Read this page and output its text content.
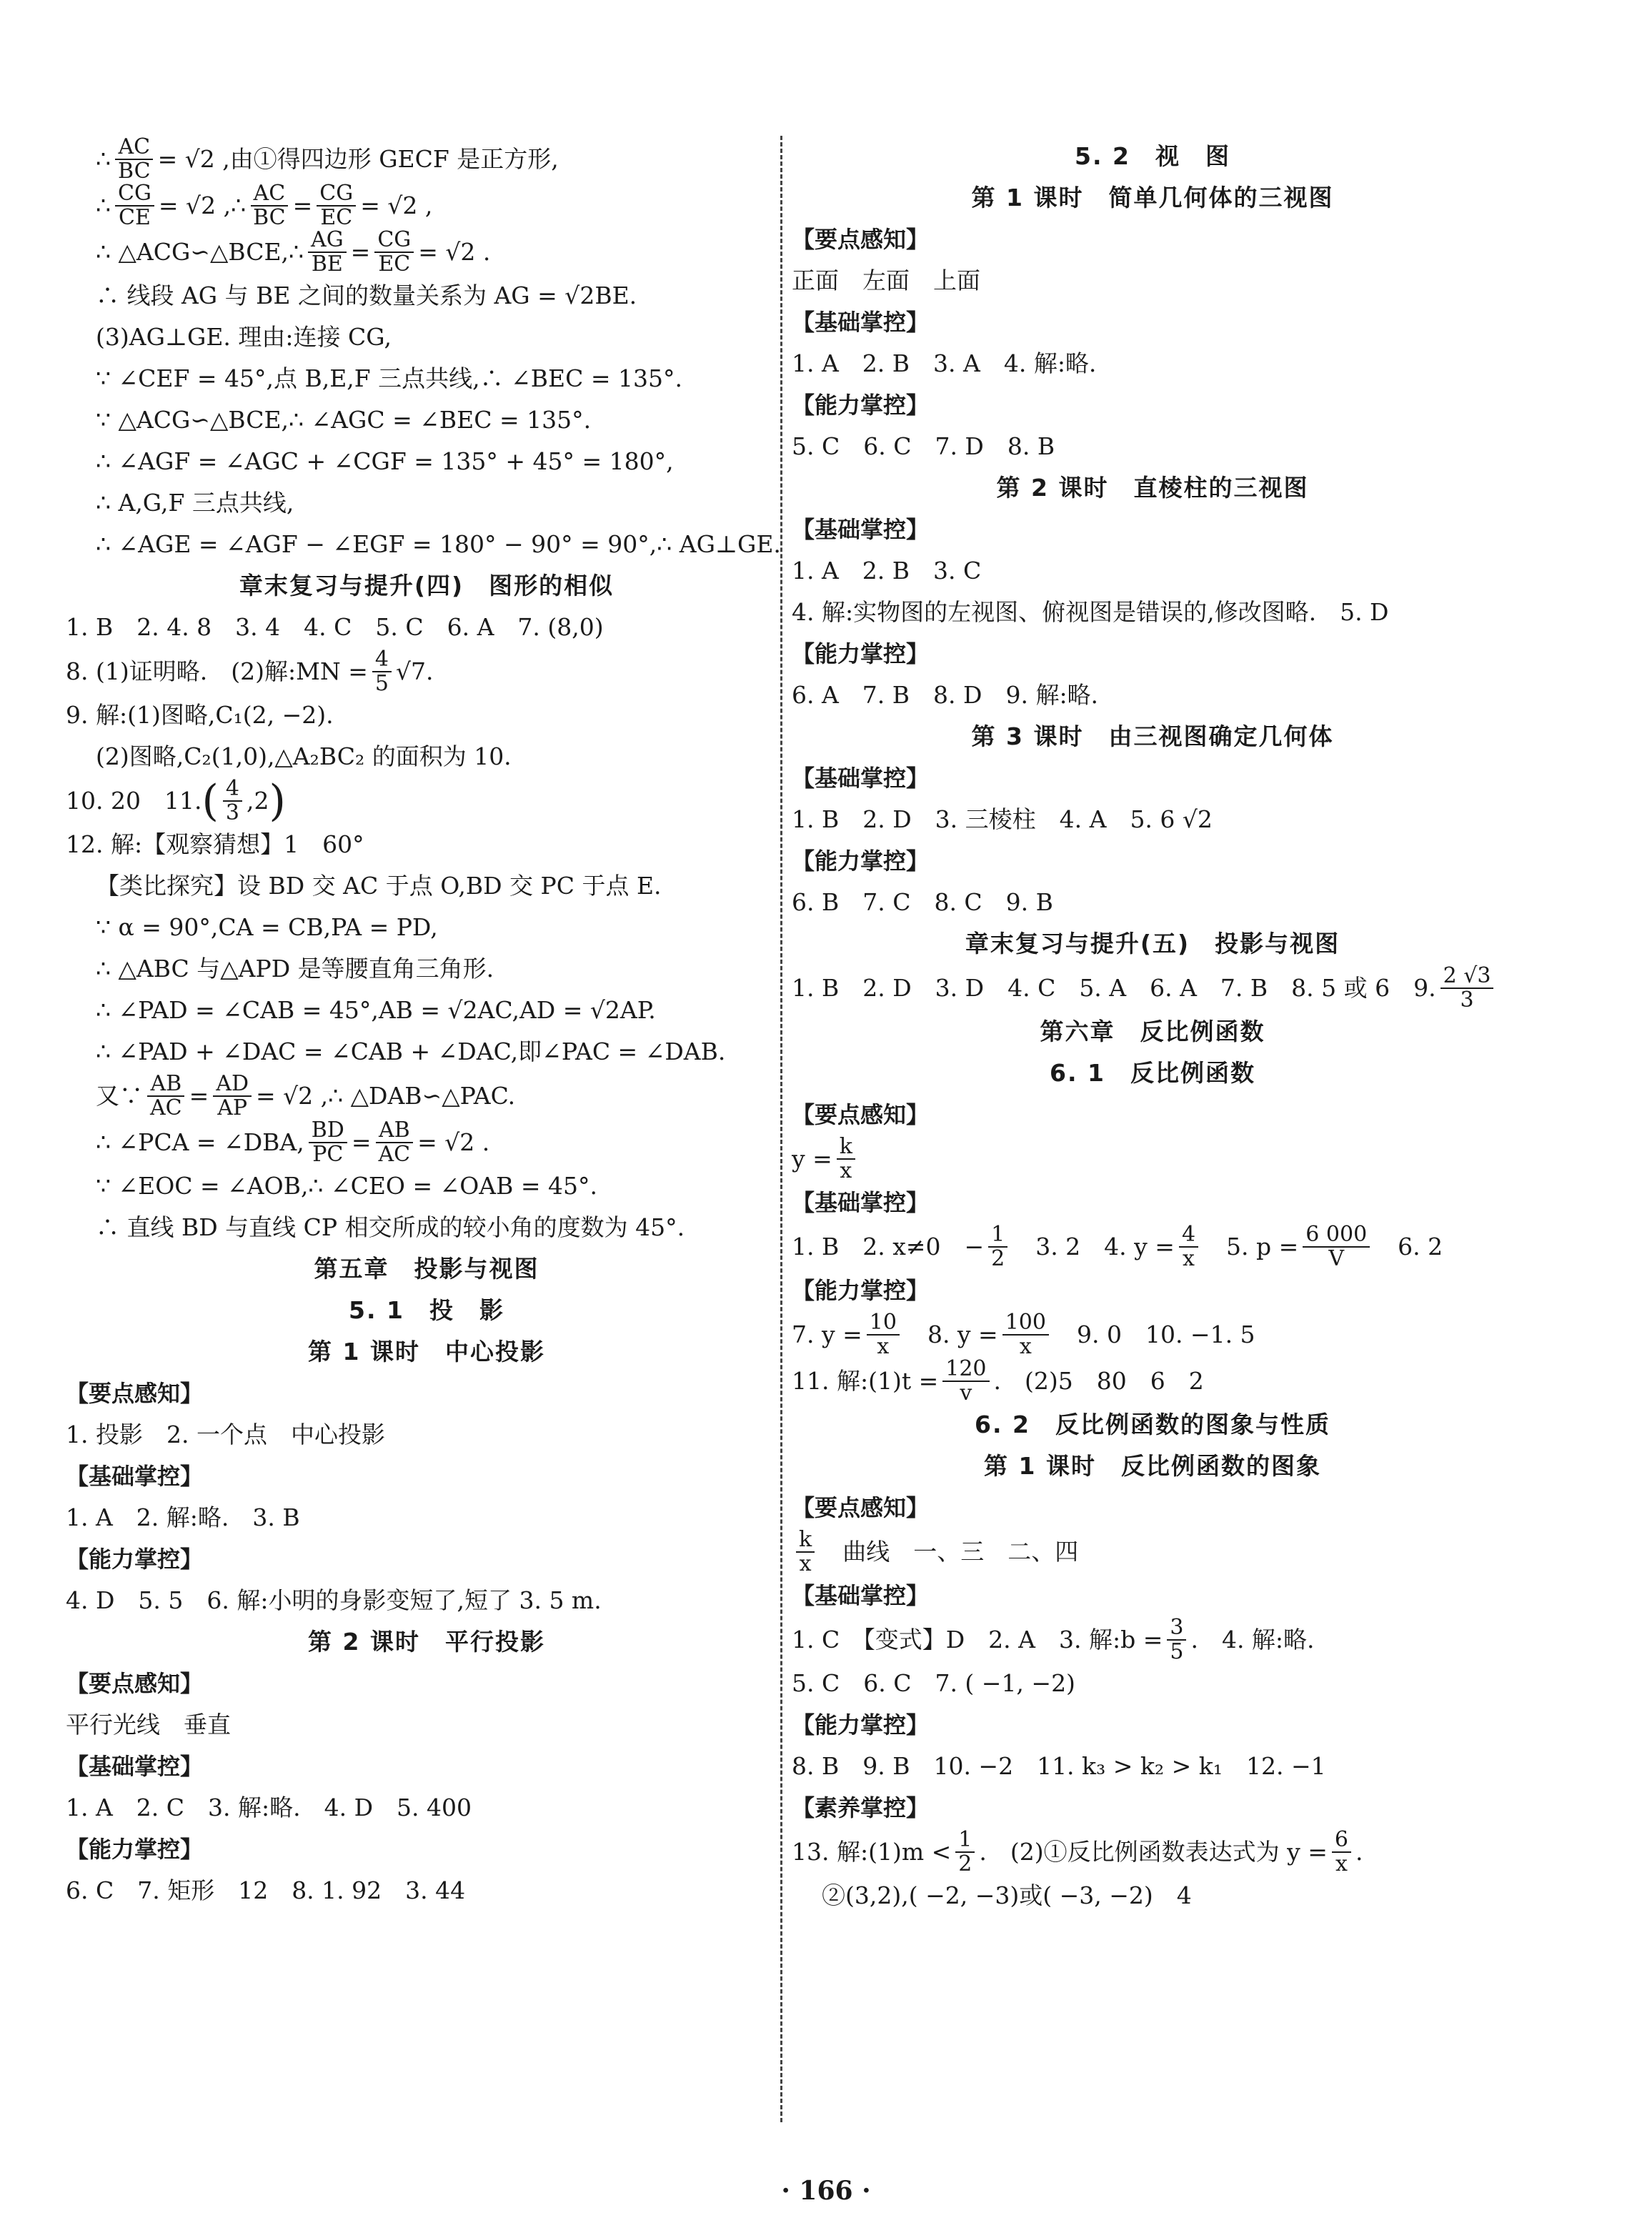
∴ $\frac{AC}{BC} = √2$ ,由①得四边形 GECF 是正方形,
∴ $\frac{CG}{CE} = √2$ ,∴ $\frac{AC}{BC} = \frac{CG}{EC} = √2$ ,
∴ △ACG∽△BCE,∴ $\frac{AG}{BE} = \frac{CG}{EC} = √2$ .
∴ 线段 AG 与 BE 之间的数量关系为 AG = √2BE.
(3)AG⊥GE. 理由:连接 CG,
∵ ∠CEF = 45°,点 B,E,F 三点共线,∴ ∠BEC = 135°.
∵ △ACG∽△BCE,∴ ∠AGC = ∠BEC = 135°.
∴ ∠AGF = ∠AGC + ∠CGF = 135° + 45° = 180°,
∴ A,G,F 三点共线,
∴ ∠AGE = ∠AGF − ∠EGF = 180° − 90° = 90°,∴ AG⊥GE.
章末复习与提升(四)　图形的相似
1. B　2. 4. 8　3. 4　4. C　5. C　6. A　7. (8,0)
8. (1)证明略.　(2)解:MN = $\frac{4}{5} √7$.
9. 解:(1)图略,C₁(2, −2).
(2)图略,C₂(1,0),△A₂BC₂ 的面积为 10.
10. 20　11. ( $\frac{4}{3} ,2$ )
12. 解:【观察猜想】1　60°
【类比探究】设 BD 交 AC 于点 O,BD 交 PC 于点 E.
∵ α = 90°,CA = CB,PA = PD,
∴ △ABC 与△APD 是等腰直角三角形.
∴ ∠PAD = ∠CAB = 45°,AB = √2AC,AD = √2AP.
∴ ∠PAD + ∠DAC = ∠CAB + ∠DAC,即∠PAC = ∠DAB.
又∵ $\frac{AB}{AC} = \frac{AD}{AP} = √2$ ,∴ △DAB∽△PAC.
∴ ∠PCA = ∠DBA, $\frac{BD}{PC} = \frac{AB}{AC} = √2$ .
∵ ∠EOC = ∠AOB,∴ ∠CEO = ∠OAB = 45°.
∴ 直线 BD 与直线 CP 相交所成的较小角的度数为 45°.
第五章　投影与视图
5. 1　投　影
第 1 课时　中心投影
【要点感知】
1. 投影　2. 一个点　中心投影
【基础掌控】
1. A　2. 解:略.　3. B
【能力掌控】
4. D　5. 5　6. 解:小明的身影变短了,短了 3. 5 m.
第 2 课时　平行投影
【要点感知】
平行光线　垂直
【基础掌控】
1. A　2. C　3. 解:略.　4. D　5. 400
【能力掌控】
6. C　7. 矩形　12　8. 1. 92　3. 44
5. 2　视　图
第 1 课时　简单几何体的三视图
【要点感知】
正面　左面　上面
【基础掌控】
1. A　2. B　3. A　4. 解:略.
【能力掌控】
5. C　6. C　7. D　8. B
第 2 课时　直棱柱的三视图
【基础掌控】
1. A　2. B　3. C
4. 解:实物图的左视图、俯视图是错误的,修改图略.　5. D
【能力掌控】
6. A　7. B　8. D　9. 解:略.
第 3 课时　由三视图确定几何体
【基础掌控】
1. B　2. D　3. 三棱柱　4. A　5. 6 √2
【能力掌控】
6. B　7. C　8. C　9. B
章末复习与提升(五)　投影与视图
1. B　2. D　3. D　4. C　5. A　6. A　7. B　8. 5 或 6　9. $\frac{2 √3}{3}$
第六章　反比例函数
6. 1　反比例函数
【要点感知】
$y = \frac{k}{x}$
【基础掌控】
1. B　2. x≠0　− $\frac{1}{2}$ 　3. 2　4. $y = \frac{4}{x}$ 　5. $p = \frac{6 000}{V}$ 　6. 2
【能力掌控】
7. $y = \frac{10}{x}$ 　8. $y = \frac{100}{x}$ 　9. 0　10. −1. 5
11. 解:(1)t = $\frac{120}{v}$ .　(2)5　80　6　2
6. 2　反比例函数的图象与性质
第 1 课时　反比例函数的图象
【要点感知】
$\frac{k}{x}$ 　曲线　一、三　二、四
【基础掌控】
1. C　【变式】D　2. A　3. 解:b = $\frac{3}{5}$ .　4. 解:略.
5. C　6. C　7. ( −1, −2)
【能力掌控】
8. B　9. B　10. −2　11. k₃ > k₂ > k₁　12. −1
【素养掌控】
13. 解:(1)m < $\frac{1}{2}$ .　(2)①反比例函数表达式为 $y = \frac{6}{x}$ .
②(3,2),( −2, −3)或( −3, −2)　4
· 166 ·
